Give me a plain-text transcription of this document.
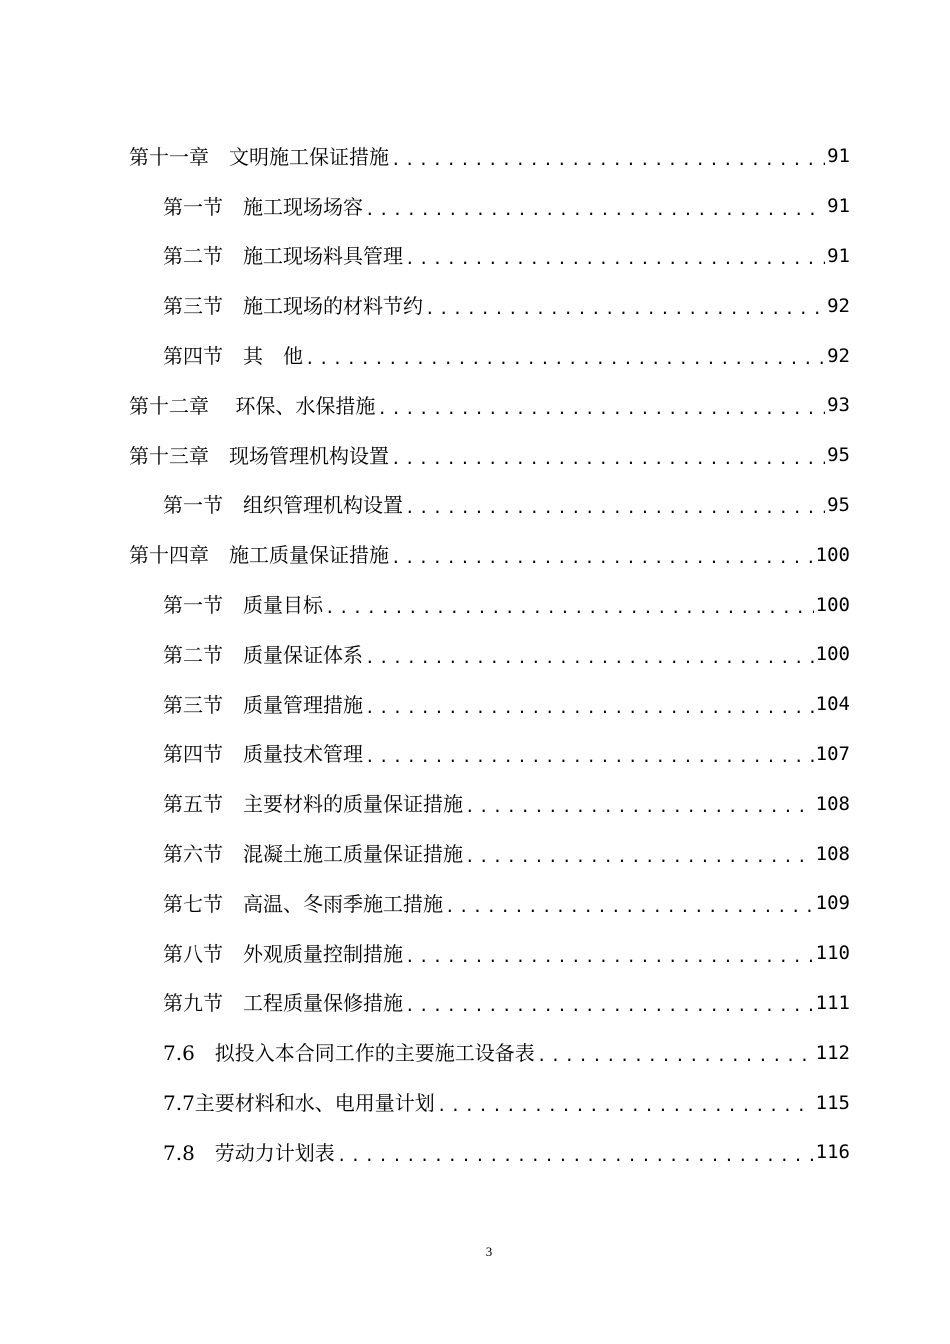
第十一章　文明施工保证措施 .....	91
第一节　施工现场场容 .....	91
第二节　施工现场料具管理 .....	91
第三节　施工现场的材料节约 .....	92
第四节　其　他 .....	92
第十二章　 环保、水保措施 .....	93
第十三章　现场管理机构设置 .....	95
第一节　组织管理机构设置 .....	95
第十四章　施工质量保证措施 .....	100
第一节　质量目标 .....	100
第二节　质量保证体系 .....	100
第三节　质量管理措施 .....	104
第四节　质量技术管理 .....	107
第五节　主要材料的质量保证措施 .....	108
第六节　混凝土施工质量保证措施 .....	108
第七节　高温、冬雨季施工措施 .....	109
第八节　外观质量控制措施 .....	110
第九节　工程质量保修措施 .....	111
7.6　拟投入本合同工作的主要施工设备表 .....	112
7.7主要材料和水、电用量计划 .....	115
7.8　劳动力计划表 .....	116
3
